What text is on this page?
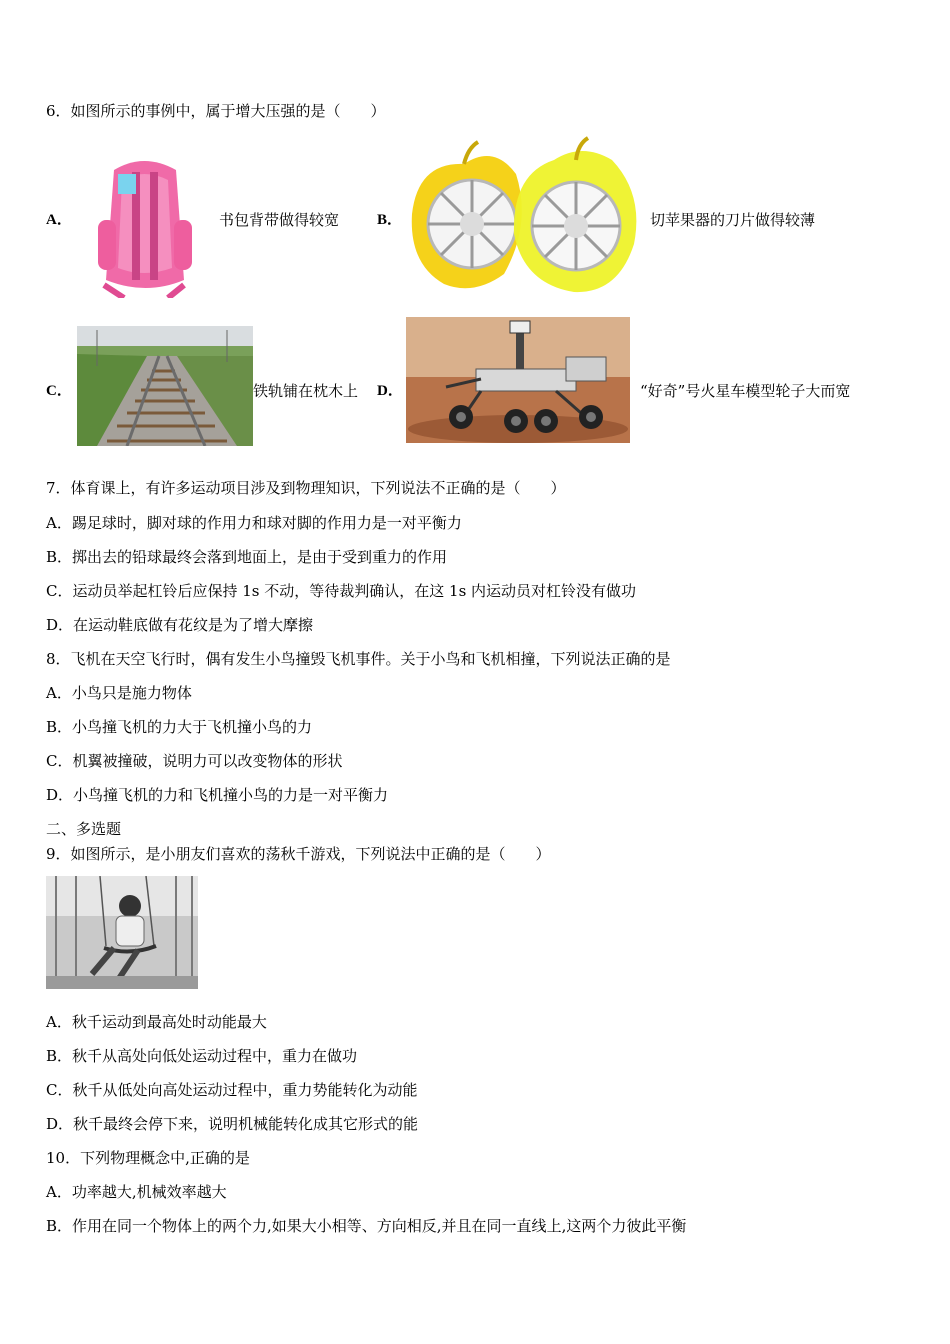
6．如图所示的事例中，属于增大压强的是（　　）
A．	书包背带做得较宽	B．	切苹果器的刀片做得较薄
C．	铁轨铺在枕木上 D．	“好奇”号火星车模型轮子大而宽
7．体育课上，有许多运动项目涉及到物理知识，下列说法不正确的是（　　）
A．踢足球时，脚对球的作用力和球对脚的作用力是一对平衡力
B．掷出去的铅球最终会落到地面上，是由于受到重力的作用
C．运动员举起杠铃后应保持 1s 不动，等待裁判确认，在这 1s 内运动员对杠铃没有做功
D．在运动鞋底做有花纹是为了增大摩擦
8．飞机在天空飞行时，偶有发生小鸟撞毁飞机事件。关于小鸟和飞机相撞，下列说法正确的是
A．小鸟只是施力物体
B．小鸟撞飞机的力大于飞机撞小鸟的力
C．机翼被撞破，说明力可以改变物体的形状
D．小鸟撞飞机的力和飞机撞小鸟的力是一对平衡力
二、多选题
9．如图所示，是小朋友们喜欢的荡秋千游戏，下列说法中正确的是（　　）
A．秋千运动到最高处时动能最大
B．秋千从高处向低处运动过程中，重力在做功
C．秋千从低处向高处运动过程中，重力势能转化为动能
D．秋千最终会停下来，说明机械能转化成其它形式的能
10．下列物理概念中,正确的是
A．功率越大,机械效率越大
B．作用在同一个物体上的两个力,如果大小相等、方向相反,并且在同一直线上,这两个力彼此平衡
